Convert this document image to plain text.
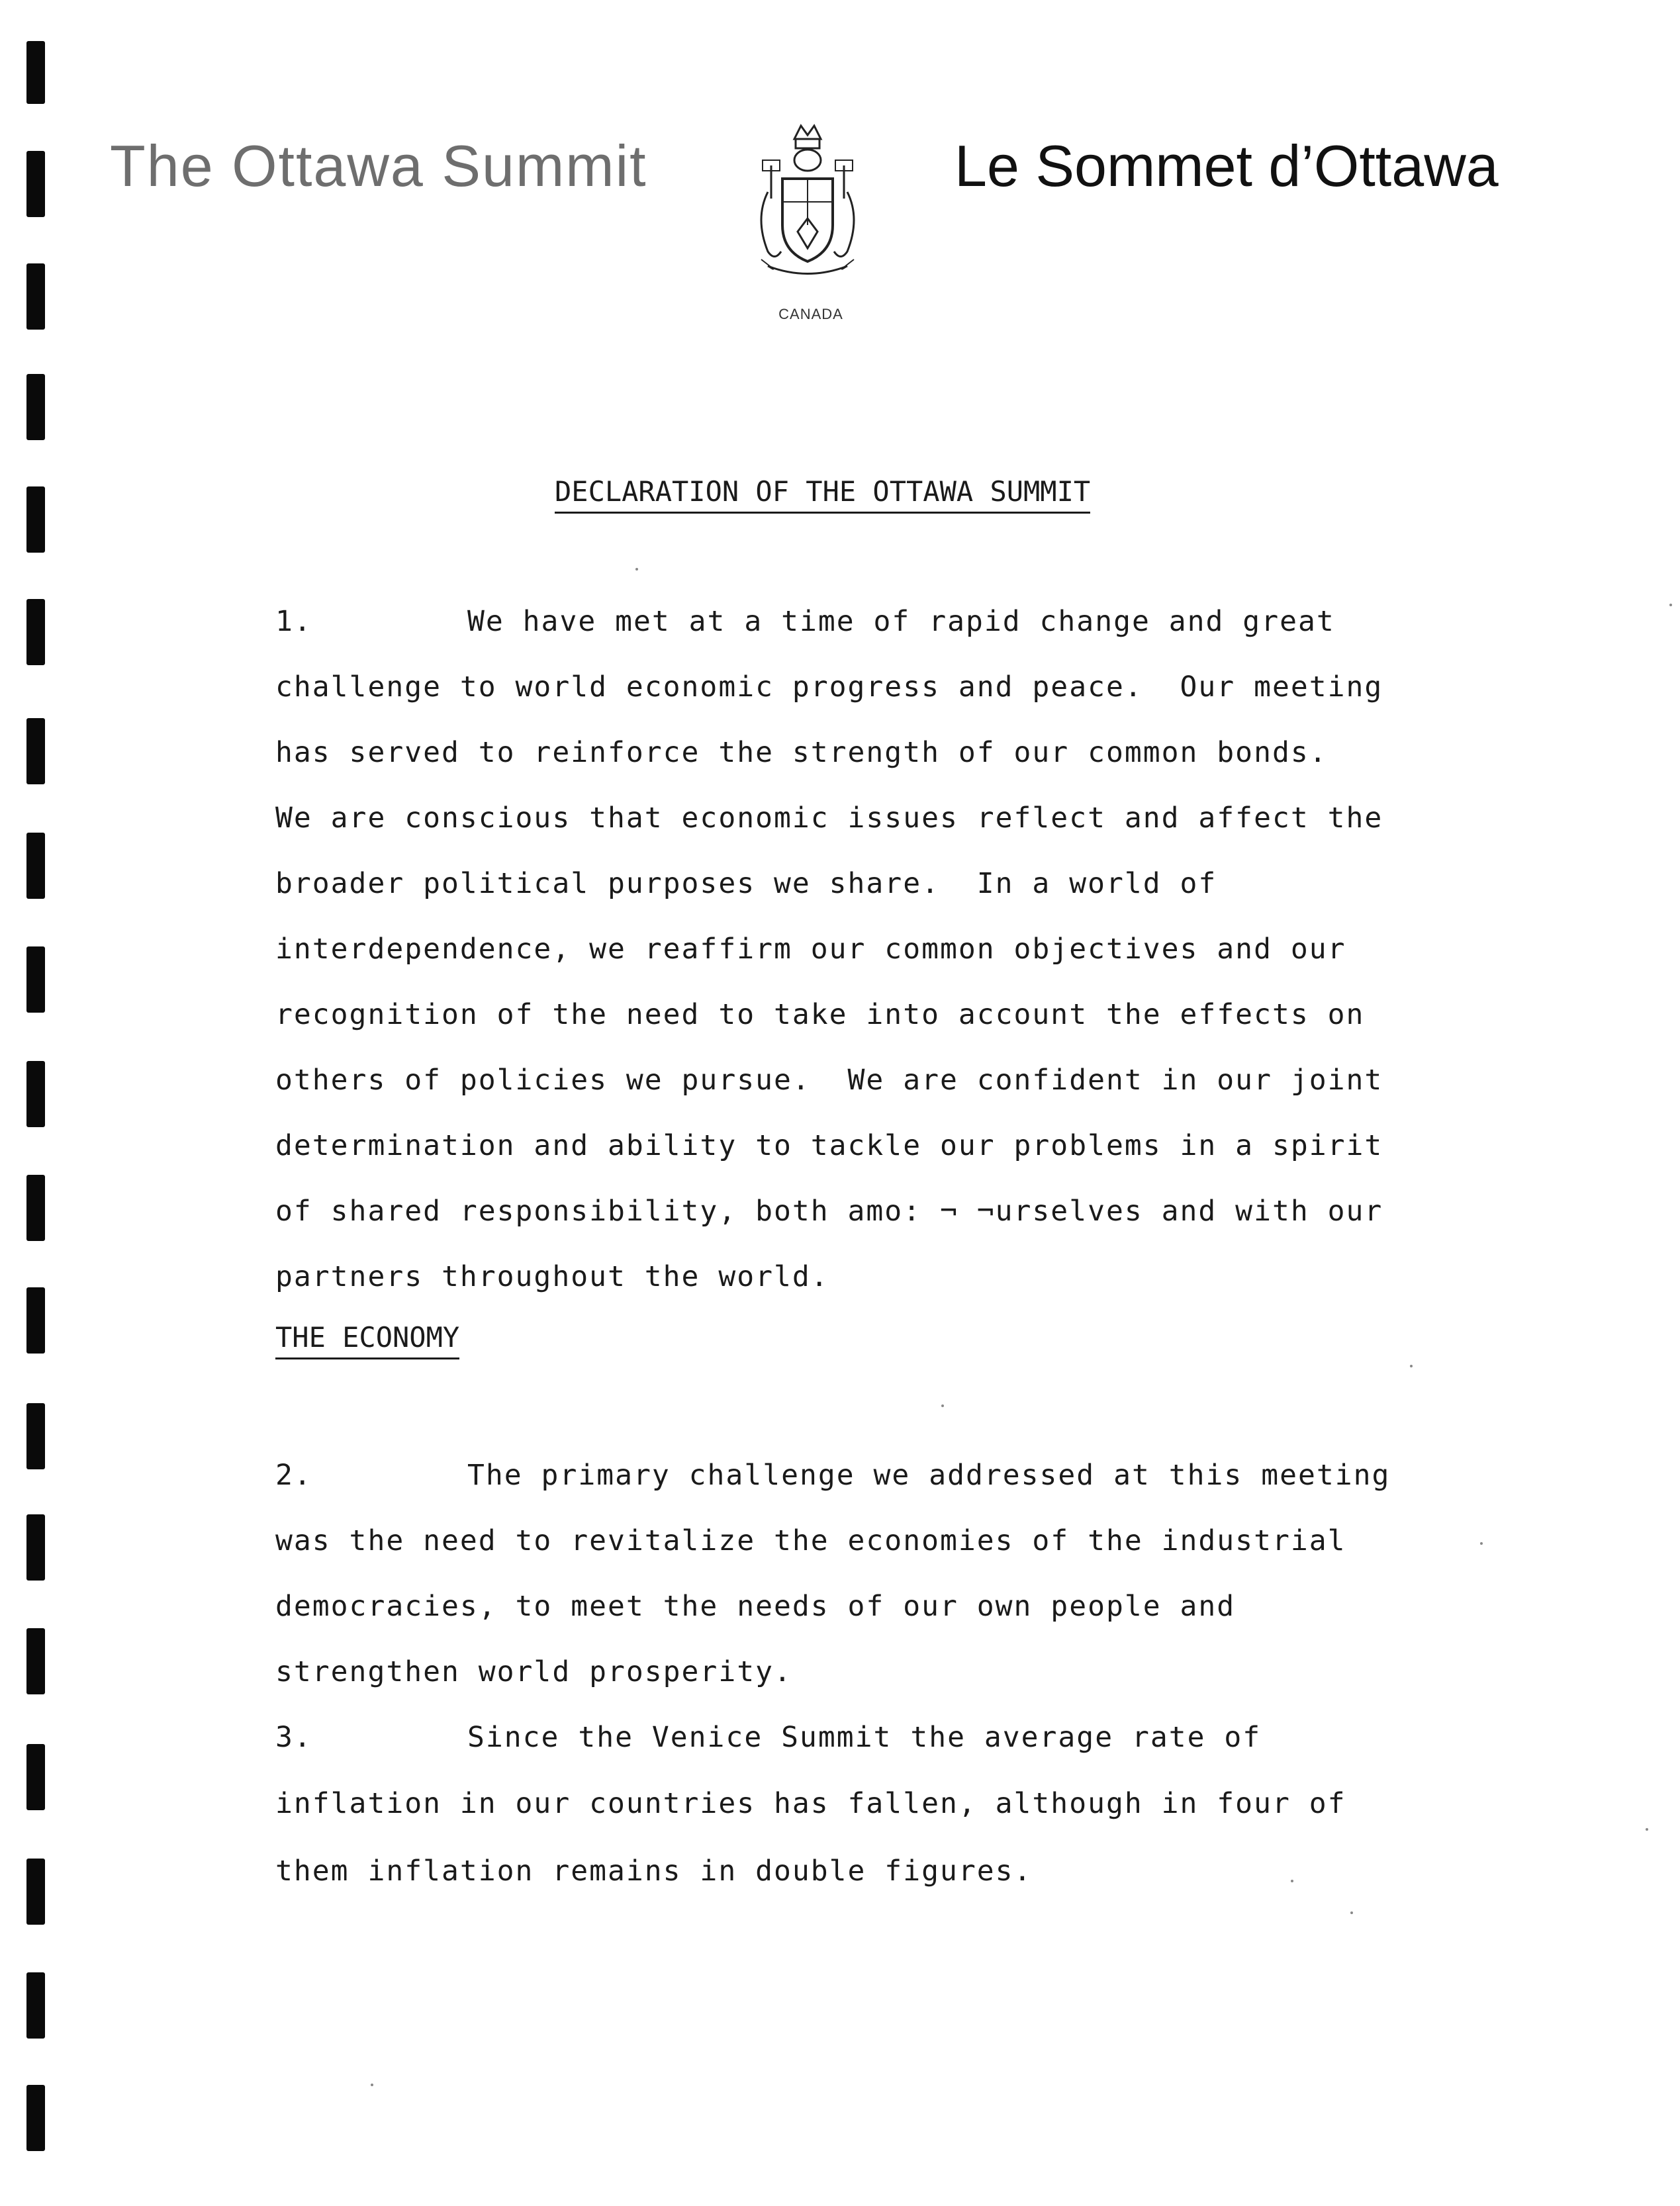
The Ottawa Summit
CANADA
Le Sommet d’Ottawa
DECLARATION OF THE OTTAWA SUMMIT
1.	We have met at a time of rapid change and great
challenge to world economic progress and peace.  Our meeting
has served to reinforce the strength of our common bonds.
We are conscious that economic issues reflect and affect the
broader political purposes we share.  In a world of
interdependence, we reaffirm our common objectives and our
recognition of the need to take into account the effects on
others of policies we pursue.  We are confident in our joint
determination and ability to tackle our problems in a spirit
of shared responsibility, both amo: ¬ ¬urselves and with our
partners throughout the world.
THE ECONOMY
2.	The primary challenge we addressed at this meeting
was the need to revitalize the economies of the industrial
democracies, to meet the needs of our own people and
strengthen world prosperity.
3.	Since the Venice Summit the average rate of
inflation in our countries has fallen, although in four of
them inflation remains in double figures.
